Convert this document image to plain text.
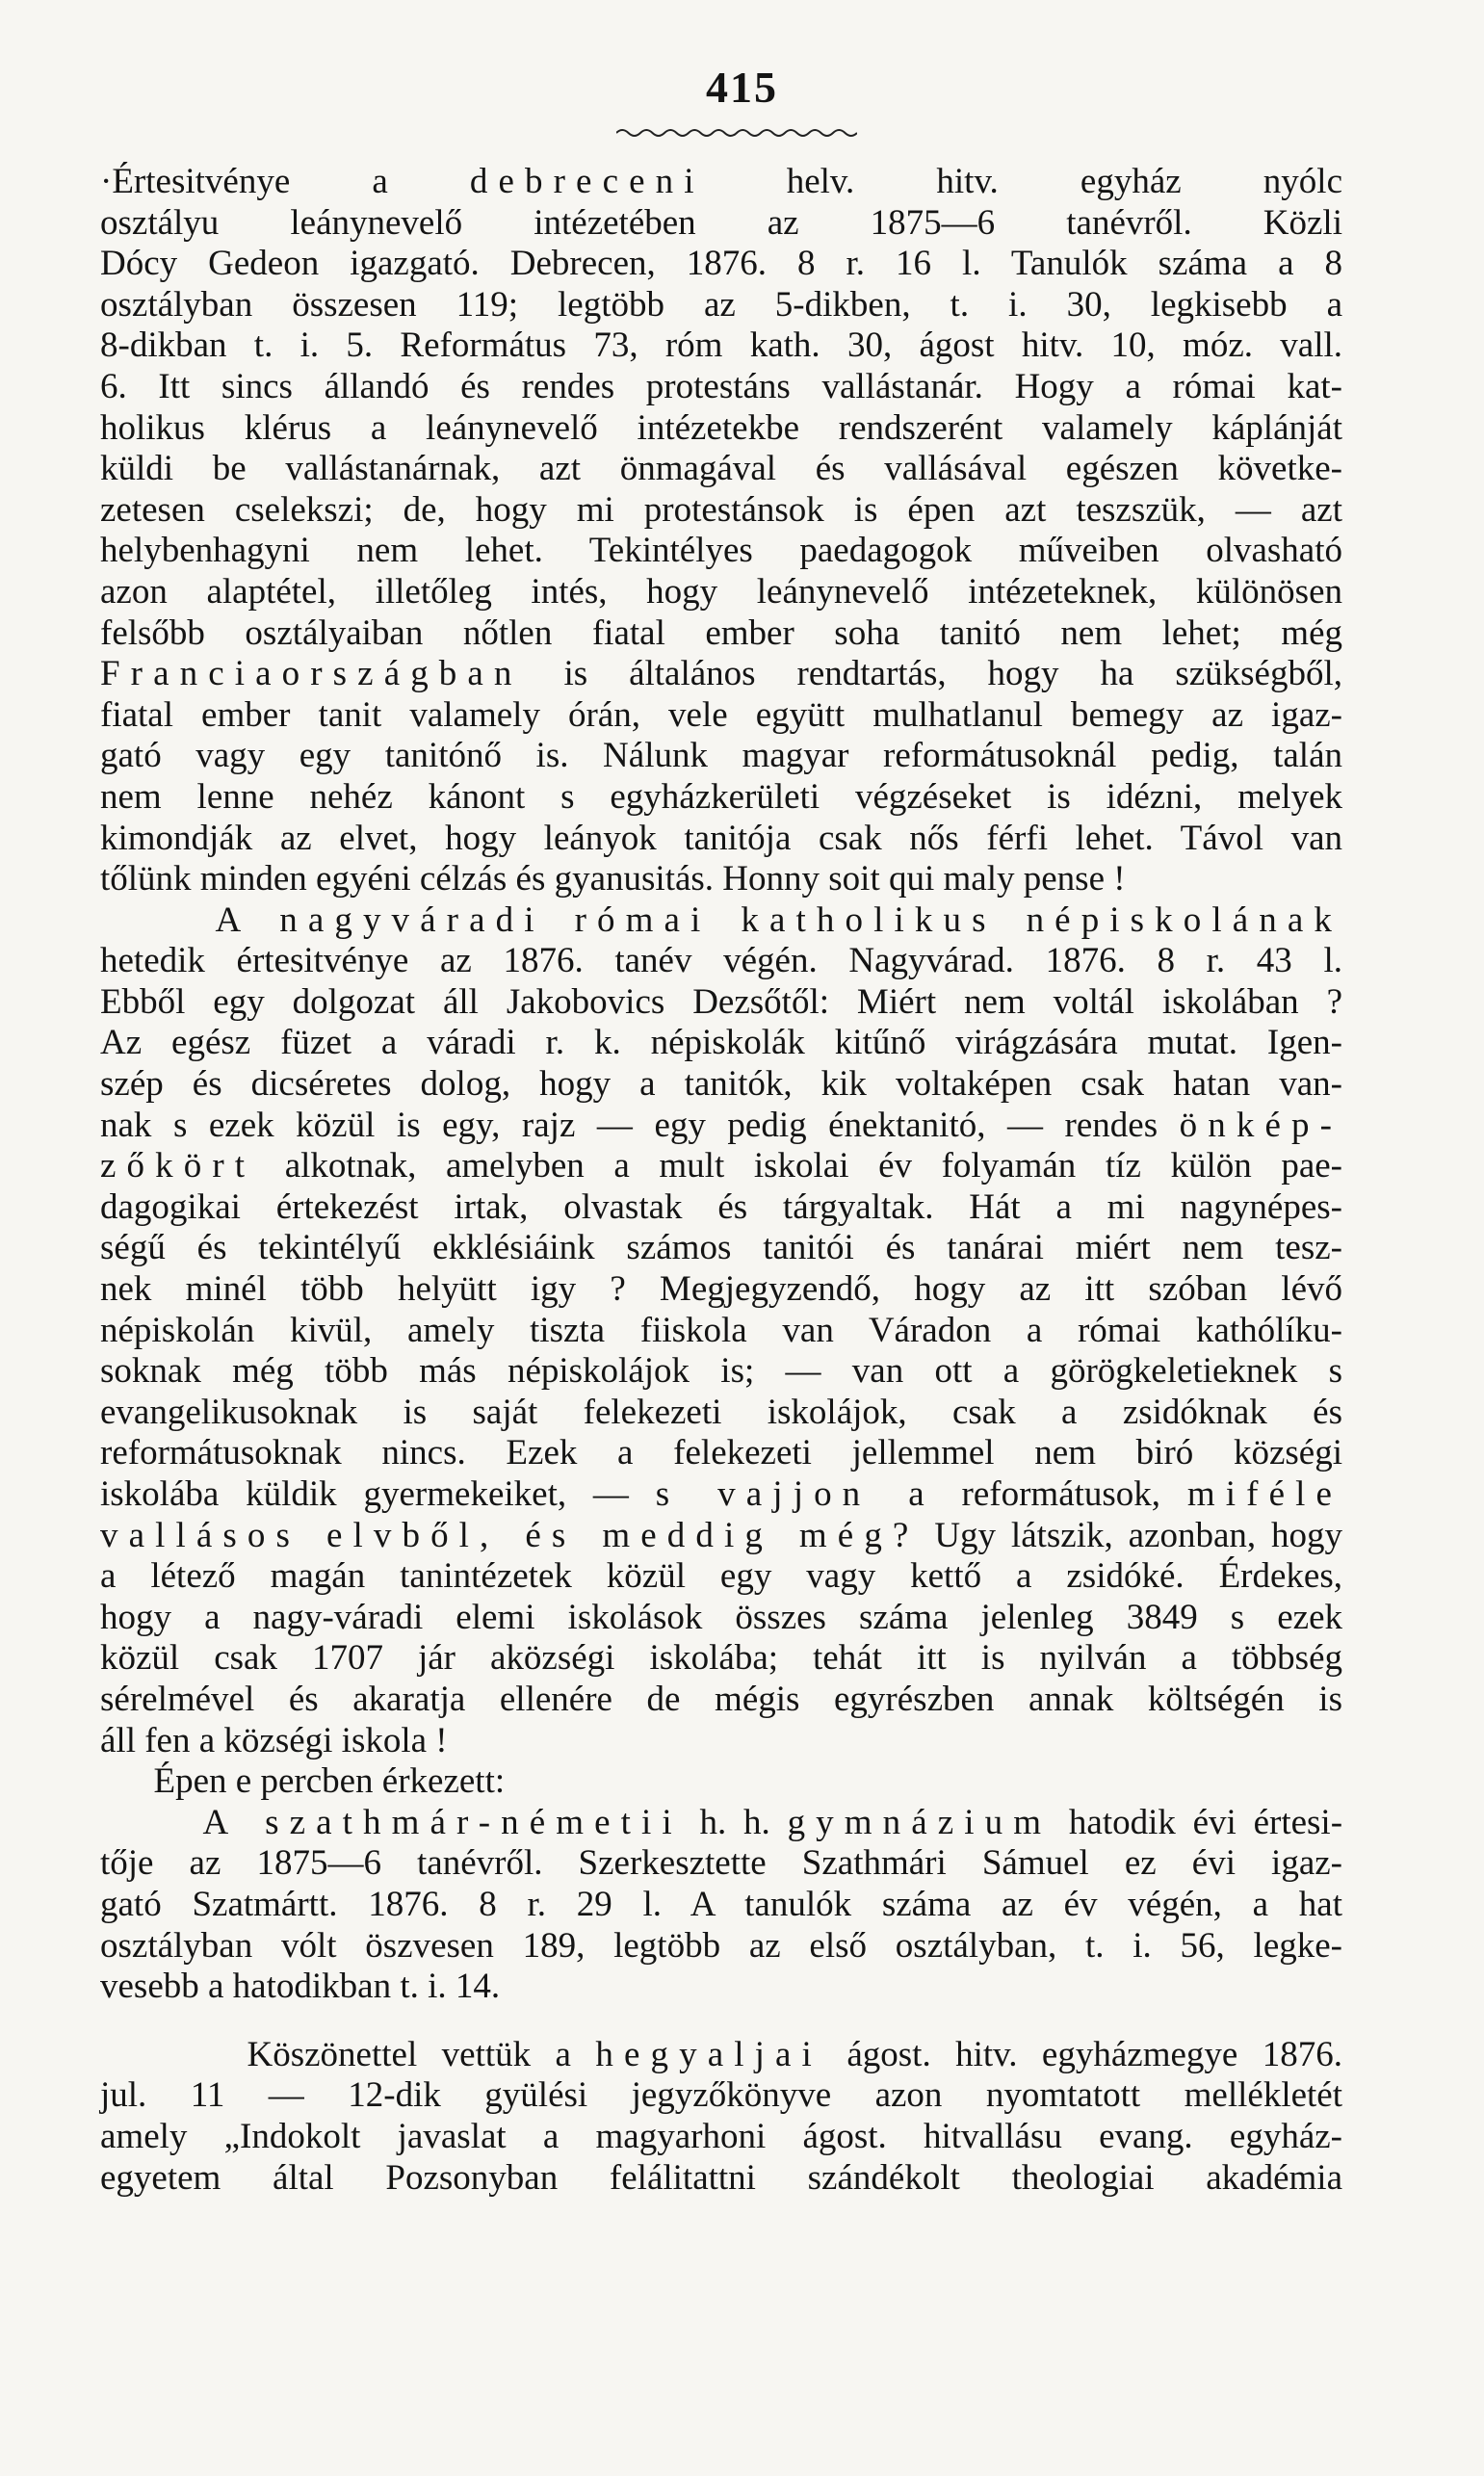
415
·Értesitvénye a debreceni helv. hitv. egyház nyólc
osztályu leánynevelő intézetében az 1875—6 tanévről. Közli
Dócy Gedeon igazgató. Debrecen, 1876. 8 r. 16 l. Tanulók száma a 8
osztályban összesen 119; legtöbb az 5-dikben, t. i. 30, legkisebb a
8-dikban t. i. 5. Református 73, róm kath. 30, ágost hitv. 10, móz. vall.
6. Itt sincs állandó és rendes protestáns vallástanár. Hogy a római kat-
holikus klérus a leánynevelő intézetekbe rendszerént valamely káplánját
küldi be vallástanárnak, azt önmagával és vallásával egészen követke-
zetesen cselekszi; de, hogy mi protestánsok is épen azt teszszük, — azt
helybenhagyni nem lehet. Tekintélyes paedagogok műveiben olvasható
azon alaptétel, illetőleg intés, hogy leánynevelő intézeteknek, különösen
felsőbb osztályaiban nőtlen fiatal ember soha tanitó nem lehet; még
Franciaországban is általános rendtartás, hogy ha szükségből,
fiatal ember tanit valamely órán, vele együtt mulhatlanul bemegy az igaz-
gató vagy egy tanitónő is. Nálunk magyar reformátusoknál pedig, talán
nem lenne nehéz kánont s egyházkerületi végzéseket is idézni, melyek
kimondják az elvet, hogy leányok tanitója csak nős férfi lehet. Távol van
tőlünk minden egyéni célzás és gyanusitás. Honny soit qui maly pense !
A nagyváradi római katholikus népiskolának
hetedik értesitvénye az 1876. tanév végén. Nagyvárad. 1876. 8 r. 43 l.
Ebből egy dolgozat áll Jakobovics Dezsőtől: Miért nem voltál iskolában ?
Az egész füzet a váradi r. k. népiskolák kitűnő virágzására mutat. Igen-
szép és dicséretes dolog, hogy a tanitók, kik voltaképen csak hatan van-
nak s ezek közül is egy, rajz — egy pedig énektanitó, — rendes önkép-
zőkört alkotnak, amelyben a mult iskolai év folyamán tíz külön pae-
dagogikai értekezést irtak, olvastak és tárgyaltak. Hát a mi nagynépes-
ségű és tekintélyű ekklésiáink számos tanitói és tanárai miért nem tesz-
nek minél több helyütt igy ? Megjegyzendő, hogy az itt szóban lévő
népiskolán kivül, amely tiszta fiiskola van Váradon a római kathólíku-
soknak még több más népiskolájok is; — van ott a görögkeletieknek s
evangelikusoknak is saját felekezeti iskolájok, csak a zsidóknak és
reformátusoknak nincs. Ezek a felekezeti jellemmel nem biró községi
iskolába küldik gyermekeiket, — s vajjon a reformátusok, miféle
vallásos elvből, és meddig még? Ugy látszik, azonban, hogy
a létező magán tanintézetek közül egy vagy kettő a zsidóké. Érdekes,
hogy a nagy-váradi elemi iskolások összes száma jelenleg 3849 s ezek
közül csak 1707 jár aközségi iskolába; tehát itt is nyilván a többség
sérelmével és akaratja ellenére de mégis egyrészben annak költségén is
áll fen a községi iskola !
Épen e percben érkezett:
A szathmár-németii h. h. gymnázium hatodik évi értesi-
tője az 1875—6 tanévről. Szerkesztette Szathmári Sámuel ez évi igaz-
gató Szatmártt. 1876. 8 r. 29 l. A tanulók száma az év végén, a hat
osztályban vólt öszvesen 189, legtöbb az első osztályban, t. i. 56, legke-
vesebb a hatodikban t. i. 14.
Köszönettel vettük a hegyaljai ágost. hitv. egyházmegye 1876.
jul. 11 — 12-dik gyülési jegyzőkönyve azon nyomtatott mellékletét
amely „Indokolt javaslat a magyarhoni ágost. hitvallásu evang. egyház-
egyetem által Pozsonyban felálitattni szándékolt theologiai akadémia
